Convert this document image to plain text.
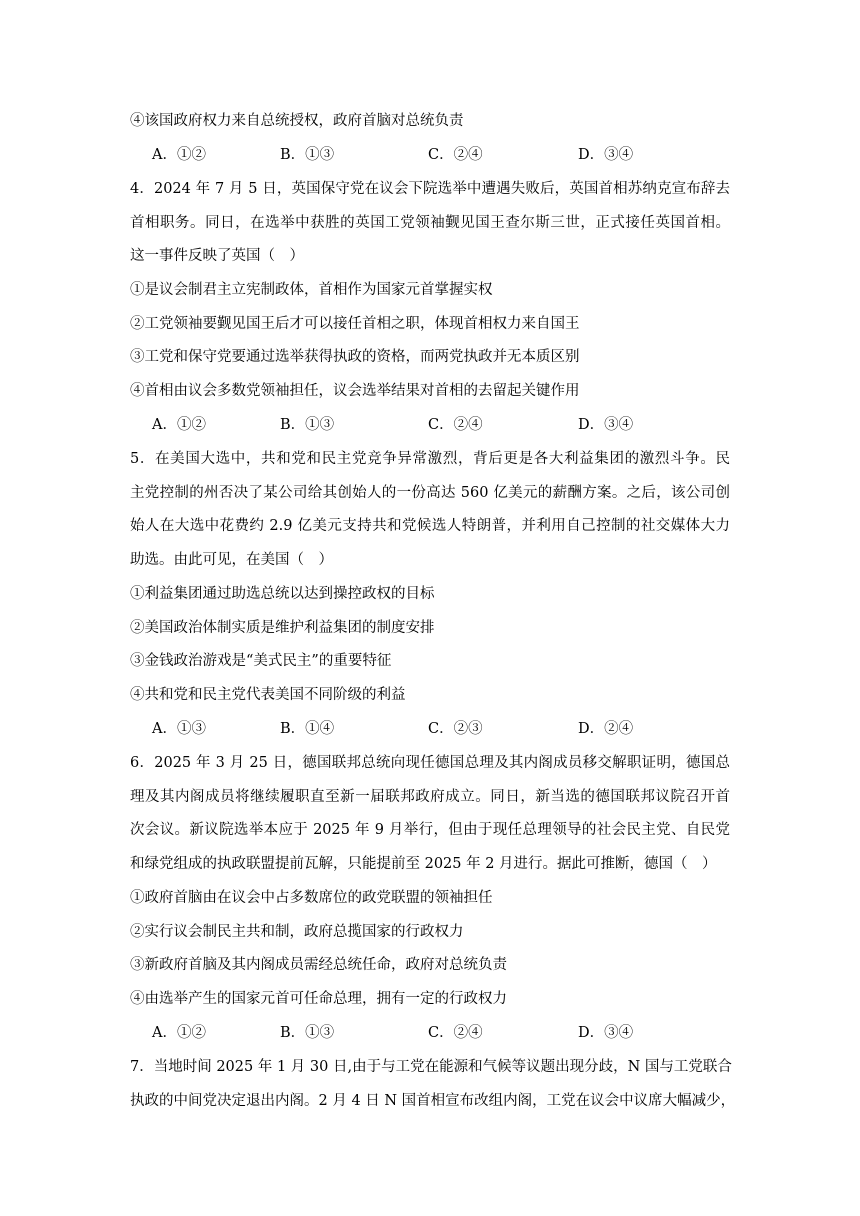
④该国政府权力来自总统授权，政府首脑对总统负责
A．①②	B．①③	C．②④	D．③④
4．2024 年 7 月 5 日，英国保守党在议会下院选举中遭遇失败后，英国首相苏纳克宣布辞去
首相职务。同日，在选举中获胜的英国工党领袖觐见国王查尔斯三世，正式接任英国首相。
这一事件反映了英国（　）
①是议会制君主立宪制政体，首相作为国家元首掌握实权
②工党领袖要觐见国王后才可以接任首相之职，体现首相权力来自国王
③工党和保守党要通过选举获得执政的资格，而两党执政并无本质区别
④首相由议会多数党领袖担任，议会选举结果对首相的去留起关键作用
A．①②	B．①③	C．②④	D．③④
5．在美国大选中，共和党和民主党竞争异常激烈，背后更是各大利益集团的激烈斗争。民
主党控制的州否决了某公司给其创始人的一份高达 560 亿美元的薪酬方案。之后，该公司创
始人在大选中花费约 2.9 亿美元支持共和党候选人特朗普，并利用自己控制的社交媒体大力
助选。由此可见，在美国（　）
①利益集团通过助选总统以达到操控政权的目标
②美国政治体制实质是维护利益集团的制度安排
③金钱政治游戏是“美式民主”的重要特征
④共和党和民主党代表美国不同阶级的利益
A．①③	B．①④	C．②③	D．②④
6．2025 年 3 月 25 日，德国联邦总统向现任德国总理及其内阁成员移交解职证明，德国总
理及其内阁成员将继续履职直至新一届联邦政府成立。同日，新当选的德国联邦议院召开首
次会议。新议院选举本应于 2025 年 9 月举行，但由于现任总理领导的社会民主党、自民党
和绿党组成的执政联盟提前瓦解，只能提前至 2025 年 2 月进行。据此可推断，德国（　）
①政府首脑由在议会中占多数席位的政党联盟的领袖担任
②实行议会制民主共和制，政府总揽国家的行政权力
③新政府首脑及其内阁成员需经总统任命，政府对总统负责
④由选举产生的国家元首可任命总理，拥有一定的行政权力
A．①②	B．①③	C．②④	D．③④
7．当地时间 2025 年 1 月 30 日,由于与工党在能源和气候等议题出现分歧，N 国与工党联合
执政的中间党决定退出内阁。2 月 4 日 N 国首相宣布改组内阁，工党在议会中议席大幅减少，
